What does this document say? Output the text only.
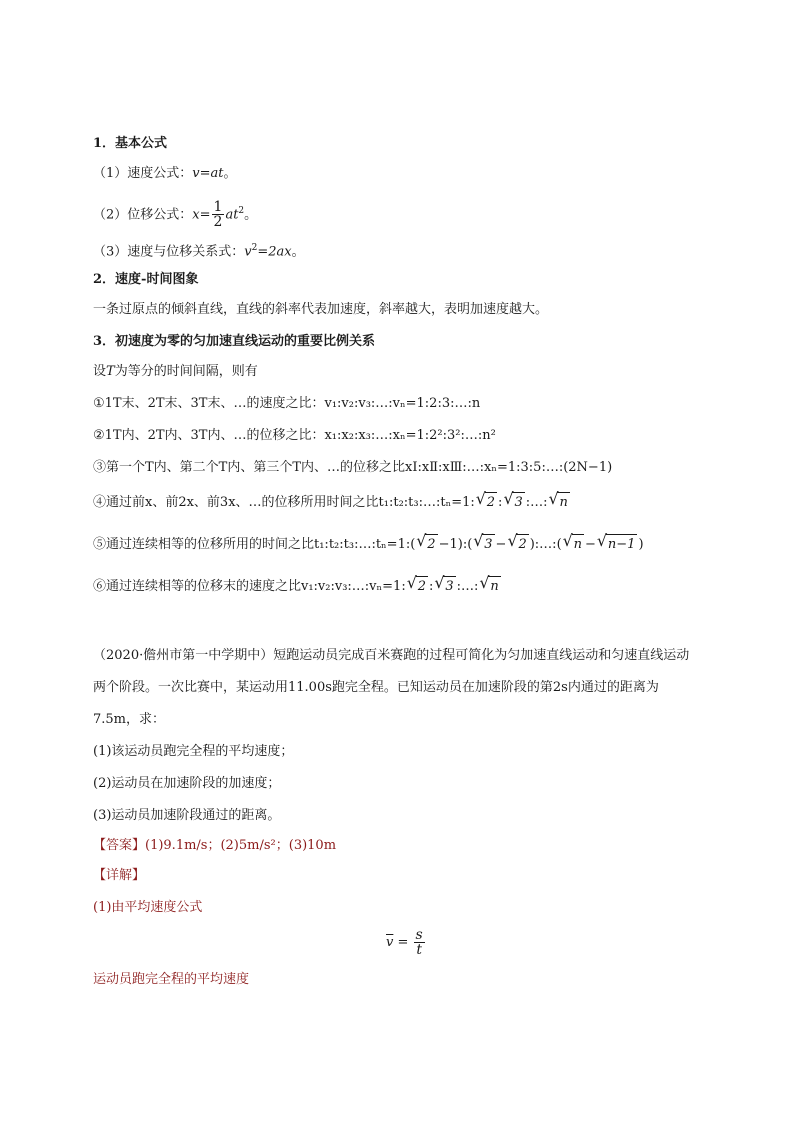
1．基本公式
（1）速度公式：v=at。
（2）位移公式：$x= \frac{1}{2} at^2$。
（3）速度与位移关系式：$v^2=2ax$。
2．速度-时间图象
一条过原点的倾斜直线，直线的斜率代表加速度，斜率越大，表明加速度越大。
3．初速度为零的匀加速直线运动的重要比例关系
设T为等分的时间间隔，则有
①1T末、2T末、3T末、…的速度之比：v₁:v₂:v₃:…:vₙ=1:2:3:…:n
②1T内、2T内、3T内、…的位移之比：x₁:x₂:x₃:…:xₙ=1:2²:3²:…:n²
③第一个T内、第二个T内、第三个T内、…的位移之比xⅠ:xⅡ:xⅢ:…:xₙ=1:3:5:…:(2N−1)
④通过前x、前2x、前3x、…的位移所用时间之比t₁:t₂:t₃:…:tₙ=1: √ 2 : √ 3 :…: √ n
⑤通过连续相等的位移所用的时间之比t₁:t₂:t₃:…:tₙ=1:( √ 2 −1):( √ 3 − √ 2 ):…:( √ n − √ n−1 )
⑥通过连续相等的位移末的速度之比v₁:v₂:v₃:…:vₙ=1: √ 2 : √ 3 :…: √ n
（2020·儋州市第一中学期中）短跑运动员完成百米赛跑的过程可简化为匀加速直线运动和匀速直线运动
两个阶段。一次比赛中，某运动用11.00s跑完全程。已知运动员在加速阶段的第2s内通过的距离为
7.5m，求：
(1)该运动员跑完全程的平均速度；
(2)运动员在加速阶段的加速度；
(3)运动员加速阶段通过的距离。
【答案】(1)9.1m/s；(2)5m/s²；(3)10m
【详解】
(1)由平均速度公式
$\overline{v} = \frac{s}{t}$
运动员跑完全程的平均速度
